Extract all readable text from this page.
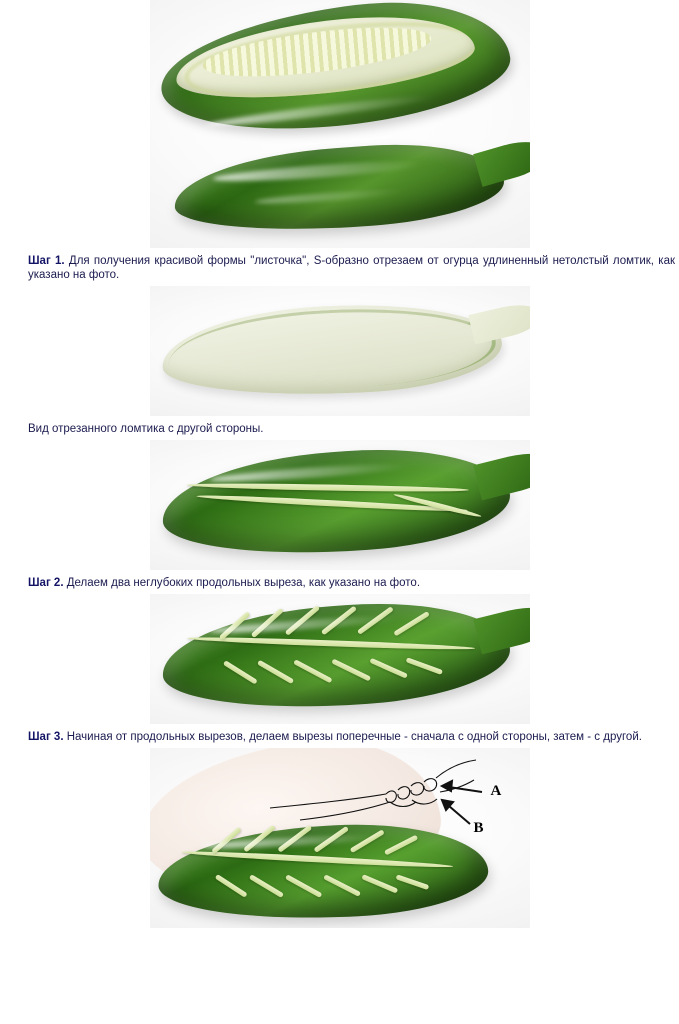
Шаг 1. Для получения красивой формы "листочка", S-образно отрезаем от огурца удлиненный нетолстый ломтик, как указано на фото.

Вид отрезанного ломтика с другой стороны.

Шаг 2. Делаем два неглубоких продольных выреза, как указано на фото.

Шаг 3. Начиная от продольных вырезов, делаем вырезы поперечные - сначала с одной стороны, затем - с другой.

A
B
